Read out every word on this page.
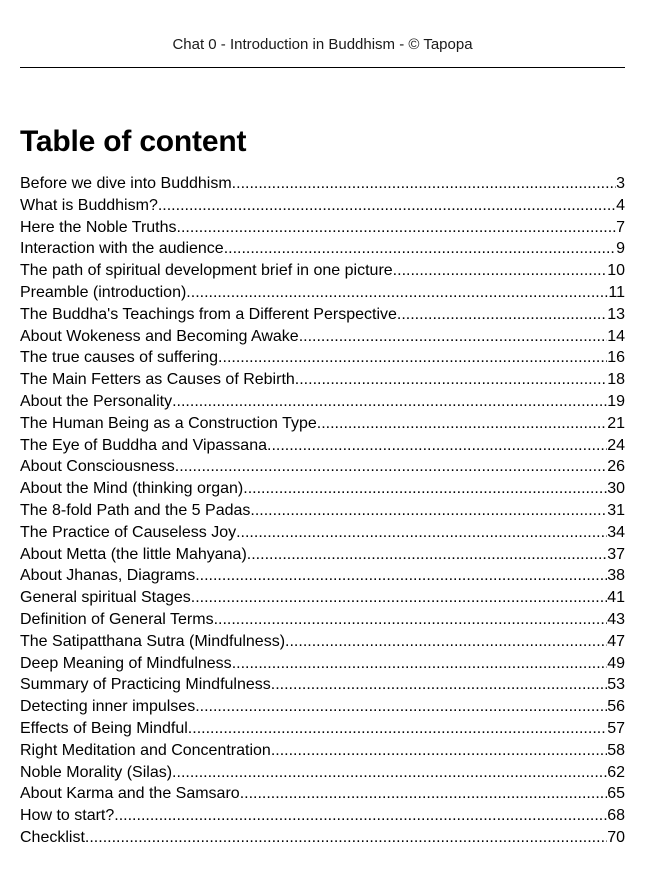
Chat 0 - Introduction in Buddhism - © Tapopa
Table of content
Before we dive into Buddhism .....	3
What is Buddhism? .....	4
Here the Noble Truths .....	7
Interaction with the audience .....	9
The path of spiritual development brief in one picture .....	10
Preamble (introduction) .....	11
The Buddha's Teachings from a Different Perspective .....	13
About Wokeness and Becoming Awake .....	14
The true causes of suffering .....	16
The Main Fetters as Causes of Rebirth .....	18
About the Personality .....	19
The Human Being as a Construction Type .....	21
The Eye of Buddha and Vipassana .....	24
About Consciousness .....	26
About the Mind (thinking organ) .....	30
The 8-fold Path and the 5 Padas .....	31
The Practice of Causeless Joy .....	34
About Metta (the little Mahyana) .....	37
About Jhanas, Diagrams .....	38
General spiritual Stages .....	41
Definition of General Terms .....	43
The Satipatthana Sutra (Mindfulness) .....	47
Deep Meaning of Mindfulness .....	49
Summary of Practicing Mindfulness .....	53
Detecting inner impulses .....	56
Effects of Being Mindful .....	57
Right Meditation and Concentration .....	58
Noble Morality (Silas) .....	62
About Karma and the Samsaro .....	65
How to start? .....	68
Checklist .....	70
